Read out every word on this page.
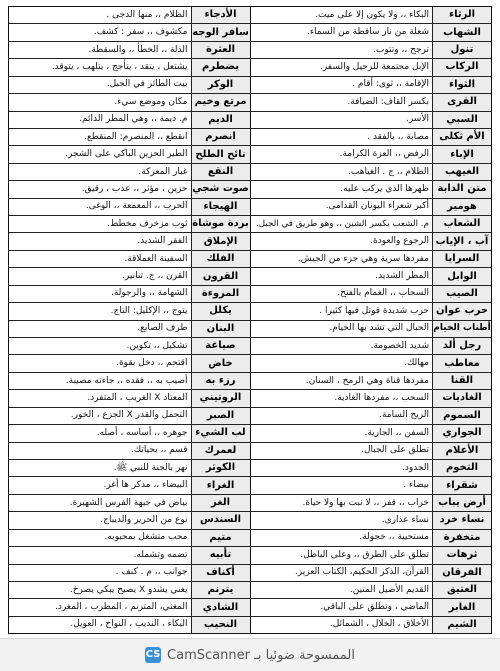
الرثاء
البكاء ،، ولا يكون إلا على ميت.
الشهاب
شعلة من نار ساقطة من السماء.
تنول
ترجح ،، وتتوب.
الركاب
الإبل مجتمعة للرحيل والسفر.
الثواء
الإقامة ،، ثوى: أقام .
القرى
بكسر القاف: الضيافة.
السبي
الأسر.
الأم ثكلى
مصابة ،، بالفقد .
الإباء
الرفض ،، العزة الكرامة.
الغيهب
الظلام ،، ج . الغياهب.
متن الدابة
ظهرها الذي يركب عليه.
هومير
أكبر شعراء اليونان القدامى.
الشعاب
م. الشعب بكسر الشين ،، وهو طريق في الجبل.
آب ، الإياب
الرجوع والعودة.
السرايا
مفردها سرية وهي جزء من الجيش.
الوابل
المطر الشديد.
الصيب
السحاب ،، الغمام بالفتح.
حرب عوان
حرب شديدة قوتل فيها كثيرا .
أطناب الخيام
الحبال التي تشد بها الخيام.
رجل ألد
شديد الخصومة.
معاطب
مهالك.
القنا
مفردها قناة وهي الرمح ، السنان.
الغاديات
السحب ،، مفردها الغادية.
السموم
الريح السامة.
الجواري
السفن ،، الجارية.
الأعلام
تطلق على الجبال.
التخوم
الحدود.
شقراء
بيضاء .
أرض يباب
خراب ،، قفر ،، لا نبت بها ولا حياة.
نساء خرد
نساء عذارى.
متخفرة
مستحيية ،، خجولة.
ثرهات
تطلق على الطرق ،، وعلى الباطل.
الفرقان
القرآن، الذكر الحكيم، الكتاب العزيز.
العتيق
القديم الأصيل المتين.
الغابر
الماضي ، وتطلق على الباقي.
الشيم
الأخلاق ، الخلال ، الشمائل.
الأدجاء
الظلام ،، منها الدجى .
سافر الوجه
مكشوف ،، سفر : كشف.
العثرة
الذلة ،، الخطأ ،، والسقطة.
يضطرم
يشتعل ، يتقد ، يتأجج ، يتلهب ، يتوقد.
الوكر
بيت الطائر في الجبل.
مرتع وخيم
مكان وموضع سيء.
الديم
م. ديمة ،، وهي المطر الدائم.
انصرم
انقطع ،، المنصرم: المنقطع.
نائح الطلح
الطير الحزين الباكي على الشجر.
النقع
غبار المعركة.
صوت شجي
حزين ، مؤثر ،، عذب ، رقيق.
الهيجاء
الحرب ،، المعمعة ،، الوغى.
بردة موشاة
ثوب مزخرف مخطط.
الإملاق
الفقر الشديد.
الفلك
السفينة العملاقة.
القرون
القرن ،، ج. تنانير.
المروءة
الشهامة ،، والرجولة.
يكلل
يتوج ،، الإكليل: التاج.
البنان
طرف الصابع.
صياغة
تشكيل ،، تكوين.
خاض
اقتحم ،، دخل بقوة.
رزء به
أصيب به ،، فقده ،، جاءته مصيبة.
الروتيني
المعتاد X الغريب ، المتفرد.
الصبر
التحمل والقدر X الجزع ، الخور.
لب الشيء
جوهره ،، أساسه ، أصله.
لعمرك
قسم ،، بحياتك.
الكوثر
نهر بالجنة للنبي ﷺ.
الغراء
البيضاء ،، مذكر ها أغر.
الغر
بياض في جبهة الفرس الشهيرة.
السندس
نوع من الحرير والديباج.
متيم
محب متشغل بمحبوبه.
تأبيه
تضمه وتشمله.
أكناف
جوانب ،، م . كنف .
يترنم
يغني يشدو X يصيح يبكي يصرخ.
الشادي
المغني، المترنم ، المطرب ، المغرد.
النحيب
البكاء ، النديب ، النواح ، العويل.
CS الممسوحة ضوئيا بـ CamScanner
